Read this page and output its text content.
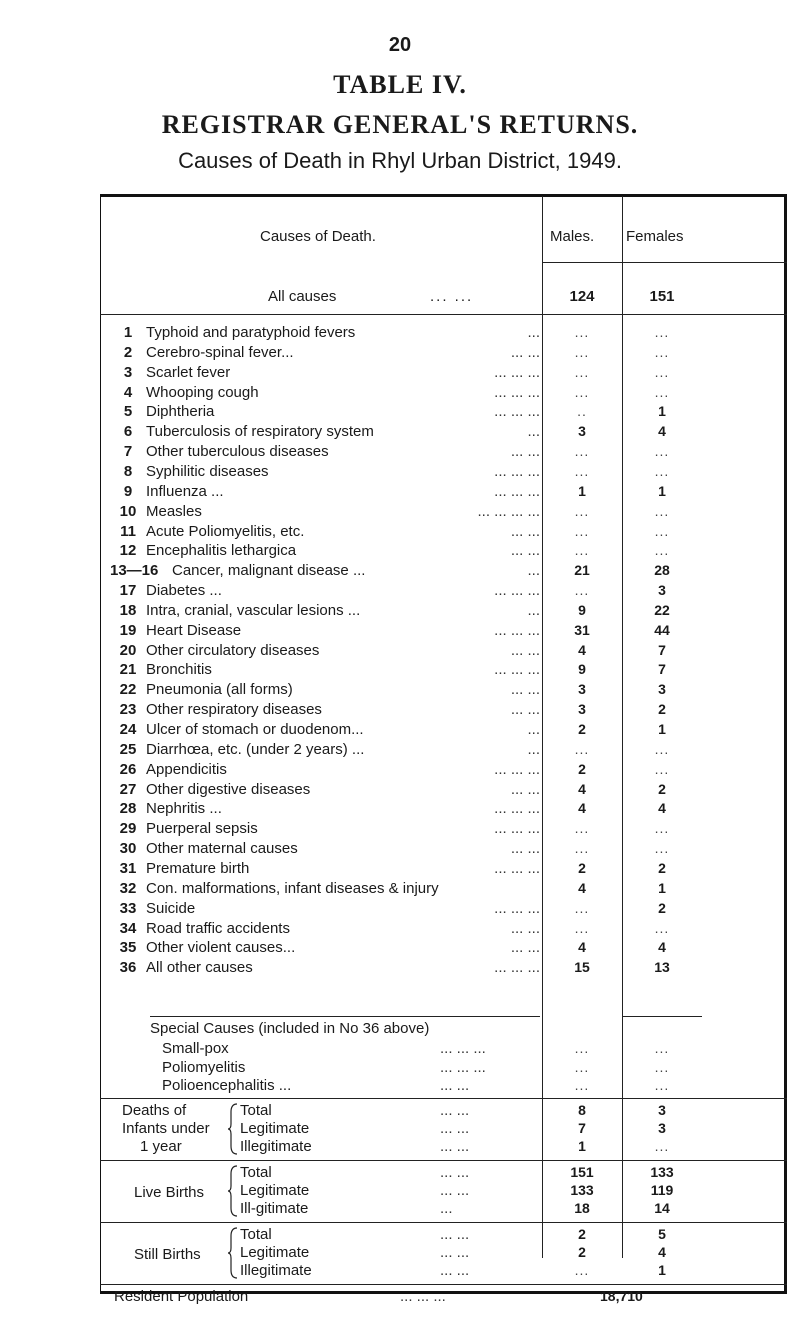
20
TABLE IV.
REGISTRAR GENERAL'S RETURNS.
Causes of Death in Rhyl Urban District, 1949.
Causes of Death.	Males. Females
All causes	... ...	124	151
1 Typhoid and paratyphoid fevers	...	...	...
2 Cerebro-spinal fever...	... ...	...	...
3 Scarlet fever	... ... ...	...	...
4 Whooping cough	... ... ...	...	...
5 Diphtheria	... ... ...	..	1
6 Tuberculosis of respiratory system	...	3	4
7 Other tuberculous diseases	... ...	...	...
8 Syphilitic diseases	... ... ...	...	...
9 Influenza ...	... ... ...	1	1
10 Measles	... ... ... ...	...	...
11 Acute Poliomyelitis, etc.	... ...	...	...
12 Encephalitis lethargica	... ...	...	...
13—16 Cancer, malignant disease ...	...	21	28
17 Diabetes ...	... ... ...	...	3
18 Intra, cranial, vascular lesions ...	...	9	22
19 Heart Disease	... ... ...	31	44
20 Other circulatory diseases	... ...	4	7
21 Bronchitis	... ... ...	9	7
22 Pneumonia (all forms)	... ...	3	3
23 Other respiratory diseases	... ...	3	2
24 Ulcer of stomach or duodenom...	...	2	1
25 Diarrhœa, etc. (under 2 years) ...	...	...	...
26 Appendicitis	... ... ...	2	...
27 Other digestive diseases	... ...	4	2
28 Nephritis ...	... ... ...	4	4
29 Puerperal sepsis	... ... ...	...	...
30 Other maternal causes	... ...	...	...
31 Premature birth	... ... ...	2	2
32 Con. malformations, infant diseases & injury	4	1
33 Suicide	... ... ...	...	2
34 Road traffic accidents	... ...	...	...
35 Other violent causes...	... ...	4	4
36 All other causes	... ... ...	15	13
Special Causes (included in No 36 above)
Small-pox	... ... ...	...	...
Poliomyelitis	... ... ...	...	...
Polioencephalitis ...	... ...	...	...
Deaths of
Infants under
1 year
Total	... ...	8	3
Legitimate	... ...	7	3
Illegitimate	... ...	1	...
Live Births
Total	... ...	151	133
Legitimate	... ...	133	119
Ill-gitimate	...	18	14
Still Births
Total	... ...	2	5
Legitimate	... ...	2	4
Illegitimate	... ...	...	1
Resident Population	... ... ...	18,710
